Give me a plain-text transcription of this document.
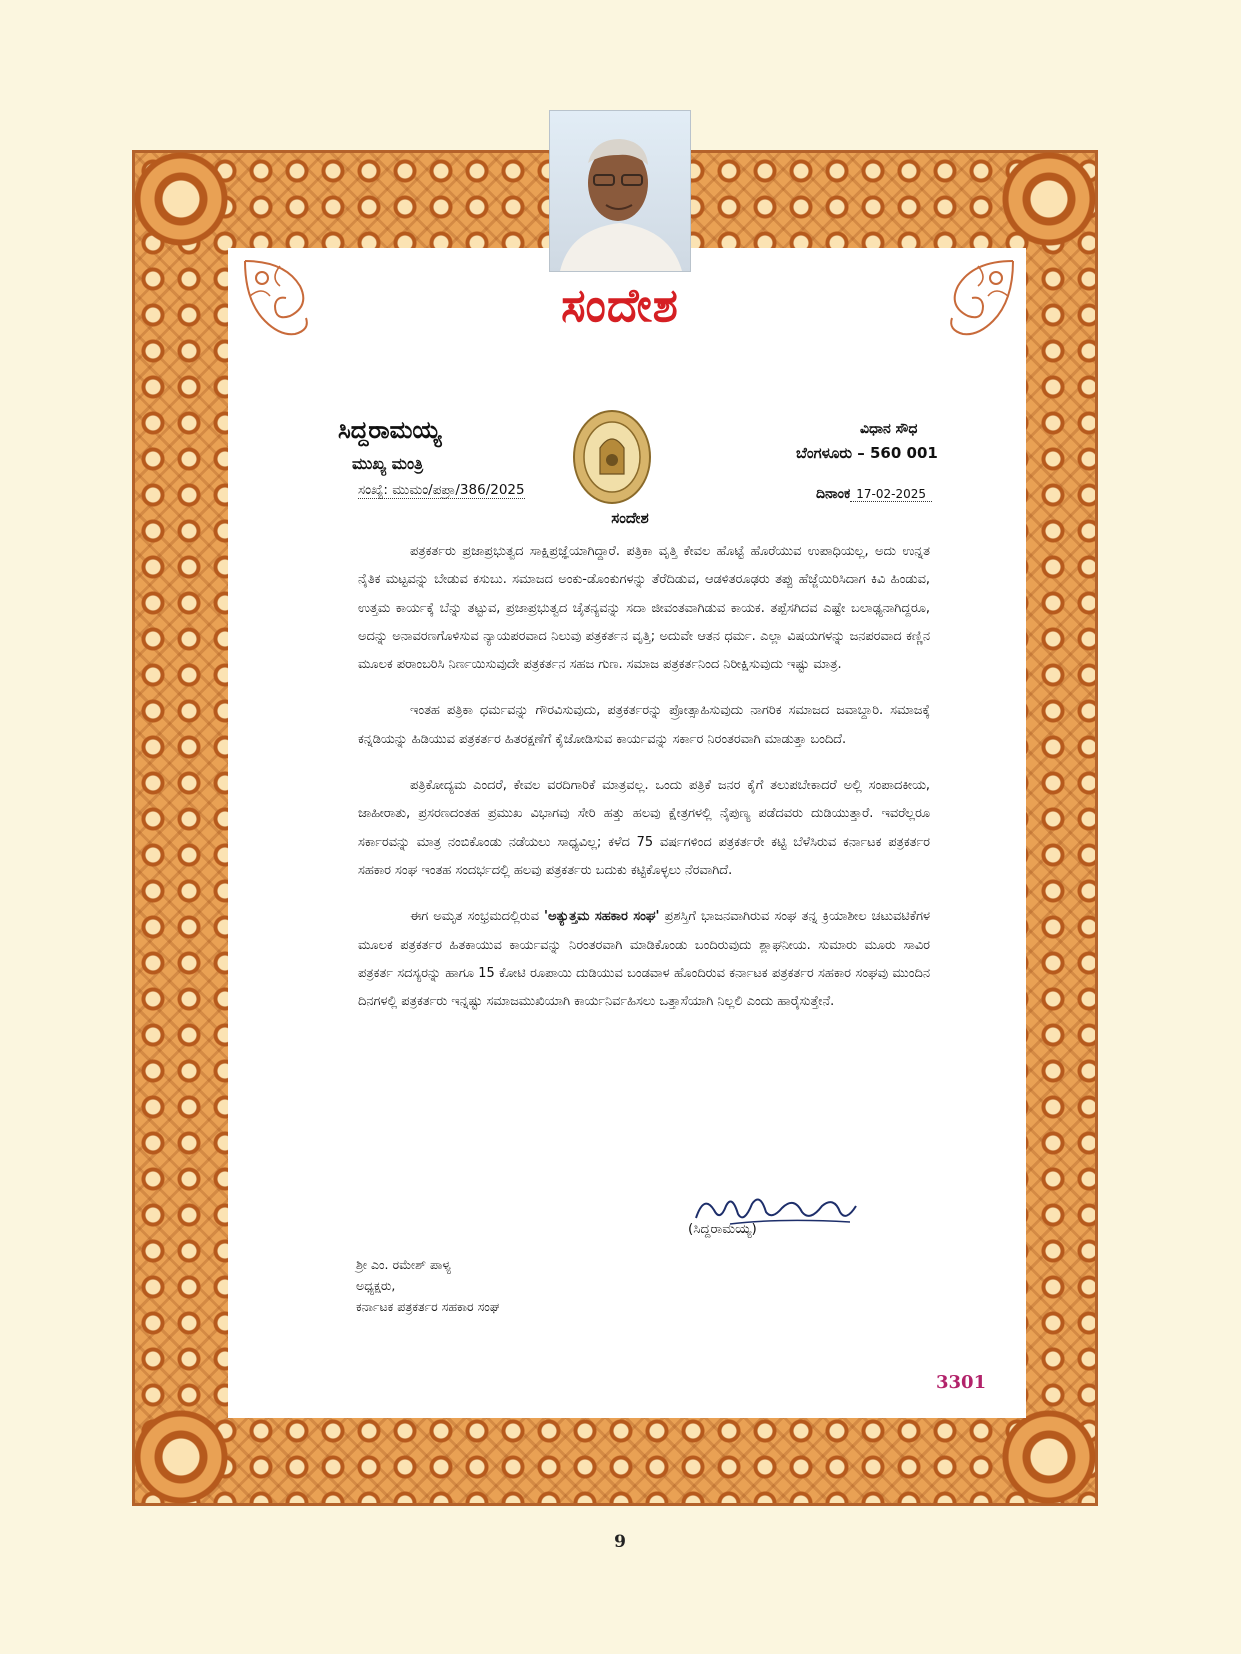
ಸಂದೇಶ
ಸಿದ್ದರಾಮಯ್ಯ
ಮುಖ್ಯ ಮಂತ್ರಿ
ಸಂಖ್ಯೆ: ಮುಮಂ/ಪಪ್ರಾ/386/2025
ವಿಧಾನ ಸೌಧ
ಬೆಂಗಳೂರು – 560 001
ದಿನಾಂಕ 17-02-2025
ಸಂದೇಶ

ಪತ್ರಕರ್ತರು ಪ್ರಜಾಪ್ರಭುತ್ವದ ಸಾಕ್ಷಿಪ್ರಜ್ಞೆಯಾಗಿದ್ದಾರೆ. ಪತ್ರಿಕಾ ವೃತ್ತಿ ಕೇವಲ ಹೊಟ್ಟೆ ಹೊರೆಯುವ ಉಪಾಧಿಯಲ್ಲ, ಅದು ಉನ್ನತ ನೈತಿಕ ಮಟ್ಟವನ್ನು ಬೇಡುವ ಕಸುಬು. ಸಮಾಜದ ಅಂಕು-ಡೊಂಕುಗಳನ್ನು ತೆರೆದಿಡುವ, ಆಡಳಿತರೂಢರು ತಪ್ಪು ಹೆಜ್ಜೆಯಿರಿಸಿದಾಗ ಕಿವಿ ಹಿಂಡುವ, ಉತ್ತಮ ಕಾರ್ಯಕ್ಕೆ ಬೆನ್ನು ತಟ್ಟುವ, ಪ್ರಜಾಪ್ರಭುತ್ವದ ಚೈತನ್ಯವನ್ನು ಸದಾ ಜೀವಂತವಾಗಿಡುವ ಕಾಯಕ. ತಪ್ಪೆಸಗಿದವ ಎಷ್ಟೇ ಬಲಾಢ್ಯನಾಗಿದ್ದರೂ, ಅದನ್ನು ಅನಾವರಣಗೊಳಿಸುವ ನ್ಯಾಯಪರವಾದ ನಿಲುವು ಪತ್ರಕರ್ತನ ವೃತ್ತಿ; ಅದುವೇ ಆತನ ಧರ್ಮ. ಎಲ್ಲಾ ವಿಷಯಗಳನ್ನು ಜನಪರವಾದ ಕಣ್ಣಿನ ಮೂಲಕ ಪರಾಂಬರಿಸಿ ನಿರ್ಣಯಿಸುವುದೇ ಪತ್ರಕರ್ತನ ಸಹಜ ಗುಣ. ಸಮಾಜ ಪತ್ರಕರ್ತನಿಂದ ನಿರೀಕ್ಷಿಸುವುದು ಇಷ್ಟು ಮಾತ್ರ.

ಇಂತಹ ಪತ್ರಿಕಾ ಧರ್ಮವನ್ನು ಗೌರವಿಸುವುದು, ಪತ್ರಕರ್ತರನ್ನು ಪ್ರೋತ್ಸಾಹಿಸುವುದು ನಾಗರಿಕ ಸಮಾಜದ ಜವಾಬ್ದಾರಿ. ಸಮಾಜಕ್ಕೆ ಕನ್ನಡಿಯನ್ನು ಹಿಡಿಯುವ ಪತ್ರಕರ್ತರ ಹಿತರಕ್ಷಣೆಗೆ ಕೈಜೋಡಿಸುವ ಕಾರ್ಯವನ್ನು ಸರ್ಕಾರ ನಿರಂತರವಾಗಿ ಮಾಡುತ್ತಾ ಬಂದಿದೆ.

ಪತ್ರಿಕೋದ್ಯಮ ಎಂದರೆ, ಕೇವಲ ವರದಿಗಾರಿಕೆ ಮಾತ್ರವಲ್ಲ. ಒಂದು ಪತ್ರಿಕೆ ಜನರ ಕೈಗೆ ತಲುಪಬೇಕಾದರೆ ಅಲ್ಲಿ ಸಂಪಾದಕೀಯ, ಜಾಹೀರಾತು, ಪ್ರಸರಣದಂತಹ ಪ್ರಮುಖ ವಿಭಾಗವು ಸೇರಿ ಹತ್ತು ಹಲವು ಕ್ಷೇತ್ರಗಳಲ್ಲಿ ನೈಪುಣ್ಯ ಪಡೆದವರು ದುಡಿಯುತ್ತಾರೆ. ಇವರೆಲ್ಲರೂ ಸರ್ಕಾರವನ್ನು ಮಾತ್ರ ನಂಬಿಕೊಂಡು ನಡೆಯಲು ಸಾಧ್ಯವಿಲ್ಲ; ಕಳೆದ 75 ವರ್ಷಗಳಿಂದ ಪತ್ರಕರ್ತರೇ ಕಟ್ಟಿ ಬೆಳೆಸಿರುವ ಕರ್ನಾಟಕ ಪತ್ರಕರ್ತರ ಸಹಕಾರ ಸಂಘ ಇಂತಹ ಸಂದರ್ಭದಲ್ಲಿ ಹಲವು ಪತ್ರಕರ್ತರು ಬದುಕು ಕಟ್ಟಿಕೊಳ್ಳಲು ನೆರವಾಗಿದೆ.

ಈಗ ಅಮೃತ ಸಂಭ್ರಮದಲ್ಲಿರುವ 'ಅತ್ಯುತ್ತಮ ಸಹಕಾರ ಸಂಘ' ಪ್ರಶಸ್ತಿಗೆ ಭಾಜನವಾಗಿರುವ ಸಂಘ ತನ್ನ ಕ್ರಿಯಾಶೀಲ ಚಟುವಟಿಕೆಗಳ ಮೂಲಕ ಪತ್ರಕರ್ತರ ಹಿತಕಾಯುವ ಕಾರ್ಯವನ್ನು ನಿರಂತರವಾಗಿ ಮಾಡಿಕೊಂಡು ಬಂದಿರುವುದು ಶ್ಲಾಘನೀಯ. ಸುಮಾರು ಮೂರು ಸಾವಿರ ಪತ್ರಕರ್ತ ಸದಸ್ಯರನ್ನು ಹಾಗೂ 15 ಕೋಟಿ ರೂಪಾಯಿ ದುಡಿಯುವ ಬಂಡವಾಳ ಹೊಂದಿರುವ ಕರ್ನಾಟಕ ಪತ್ರಕರ್ತರ ಸಹಕಾರ ಸಂಘವು ಮುಂದಿನ ದಿನಗಳಲ್ಲಿ ಪತ್ರಕರ್ತರು ಇನ್ನಷ್ಟು ಸಮಾಜಮುಖಿಯಾಗಿ ಕಾರ್ಯನಿರ್ವಹಿಸಲು ಒತ್ತಾಸೆಯಾಗಿ ನಿಲ್ಲಲಿ ಎಂದು ಹಾರೈಸುತ್ತೇನೆ.

(ಸಿದ್ದರಾಮಯ್ಯ)
ಶ್ರೀ ಎಂ. ರಮೇಶ್ ಪಾಳ್ಯ
ಅಧ್ಯಕ್ಷರು,
ಕರ್ನಾಟಕ ಪತ್ರಕರ್ತರ ಸಹಕಾರ ಸಂಘ
3301
9
